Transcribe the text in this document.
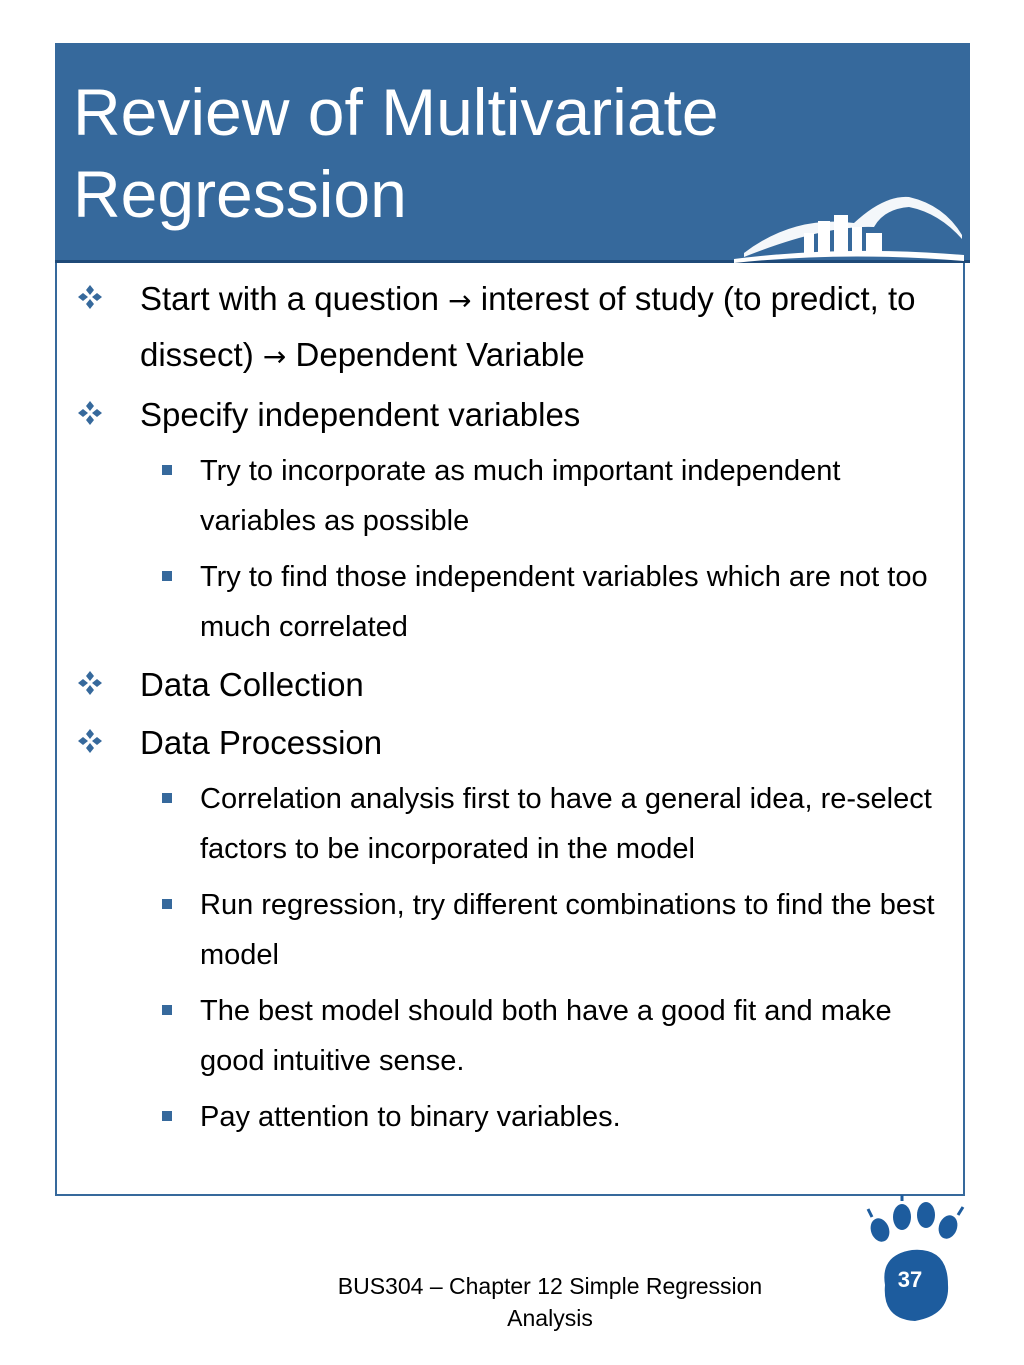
Review of Multivariate
Regression
Start with a question → interest of study (to predict, to dissect) → Dependent Variable
Specify independent variables
Try to incorporate as much important independent variables as possible
Try to find those independent variables which are not too much correlated
Data Collection
Data Procession
Correlation analysis first to have a general idea, re-select factors to be incorporated in the model
Run regression, try different combinations to find the best model
The best model should both have a good fit and make good intuitive sense.
Pay attention to binary variables.
BUS304 – Chapter 12 Simple Regression
Analysis
37
